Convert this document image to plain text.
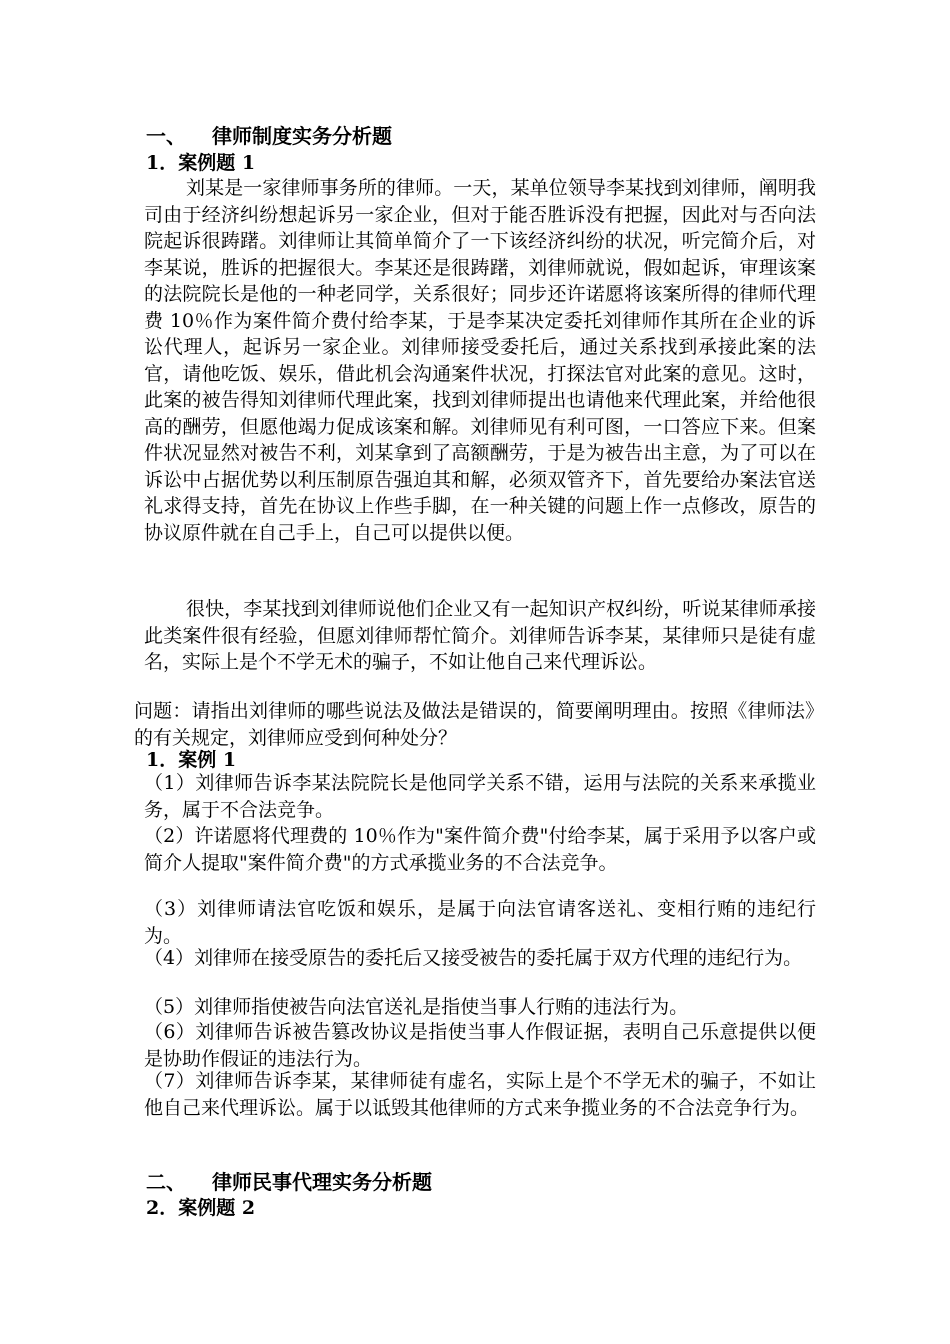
一、 律师制度实务分析题
1．案例题 1

刘某是一家律师事务所的律师。一天，某单位领导李某找到刘律师，阐明我司由于经济纠纷想起诉另一家企业，但对于能否胜诉没有把握，因此对与否向法院起诉很踌躇。刘律师让其简单简介了一下该经济纠纷的状况，听完简介后，对李某说，胜诉的把握很大。李某还是很踌躇，刘律师就说，假如起诉，审理该案的法院院长是他的一种老同学，关系很好；同步还许诺愿将该案所得的律师代理费 10％作为案件简介费付给李某，于是李某决定委托刘律师作其所在企业的诉讼代理人，起诉另一家企业。刘律师接受委托后，通过关系找到承接此案的法官，请他吃饭、娱乐，借此机会沟通案件状况，打探法官对此案的意见。这时，此案的被告得知刘律师代理此案，找到刘律师提出也请他来代理此案，并给他很高的酬劳，但愿他竭力促成该案和解。刘律师见有利可图，一口答应下来。但案件状况显然对被告不利，刘某拿到了高额酬劳，于是为被告出主意，为了可以在诉讼中占据优势以利压制原告强迫其和解，必须双管齐下，首先要给办案法官送礼求得支持，首先在协议上作些手脚，在一种关键的问题上作一点修改，原告的协议原件就在自己手上，自己可以提供以便。

很快，李某找到刘律师说他们企业又有一起知识产权纠纷，听说某律师承接此类案件很有经验，但愿刘律师帮忙简介。刘律师告诉李某，某律师只是徒有虚名，实际上是个不学无术的骗子，不如让他自己来代理诉讼。

问题：请指出刘律师的哪些说法及做法是错误的，简要阐明理由。按照《律师法》的有关规定，刘律师应受到何种处分？

1．案例 1

（1）刘律师告诉李某法院院长是他同学关系不错，运用与法院的关系来承揽业务，属于不合法竞争。

（2）许诺愿将代理费的 10％作为"案件简介费"付给李某，属于采用予以客户或简介人提取"案件简介费"的方式承揽业务的不合法竞争。

（3）刘律师请法官吃饭和娱乐，是属于向法官请客送礼、变相行贿的违纪行为。

（4）刘律师在接受原告的委托后又接受被告的委托属于双方代理的违纪行为。

（5）刘律师指使被告向法官送礼是指使当事人行贿的违法行为。

（6）刘律师告诉被告篡改协议是指使当事人作假证据，表明自己乐意提供以便是协助作假证的违法行为。

（7）刘律师告诉李某，某律师徒有虚名，实际上是个不学无术的骗子，不如让他自己来代理诉讼。属于以诋毁其他律师的方式来争揽业务的不合法竞争行为。

二、 律师民事代理实务分析题
2．案例题 2
